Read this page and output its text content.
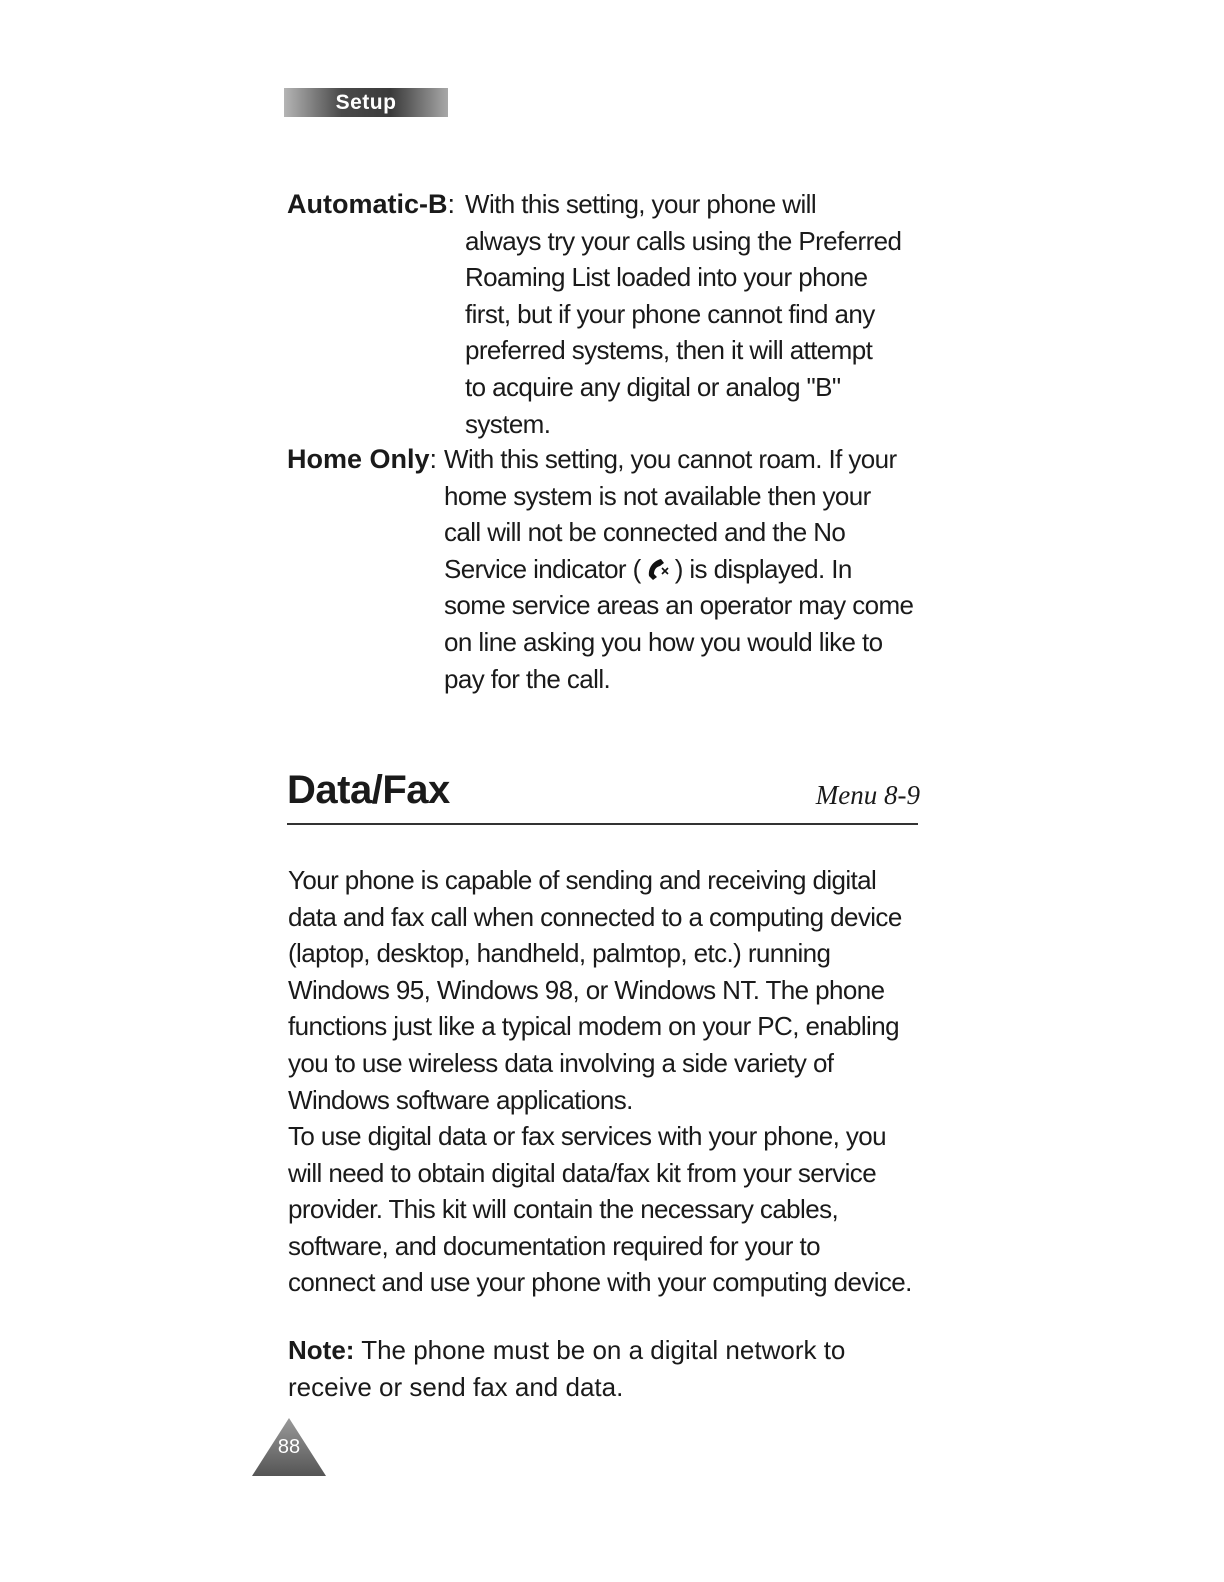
Setup
Automatic-B: With this setting, your phone will
always try your calls using the Preferred
Roaming List loaded into your phone
first, but if your phone cannot find any
preferred systems, then it will attempt
to acquire any digital or analog "B"
system.
Home Only: With this setting, you cannot roam. If your
home system is not available then your
call will not be connected and the No
Service indicator ( ) is displayed. In
some service areas an operator may come
on line asking you how you would like to
pay for the call.
Data/Fax	Menu 8-9
Your phone is capable of sending and receiving digital
data and fax call when connected to a computing device
(laptop, desktop, handheld, palmtop, etc.) running
Windows 95, Windows 98, or Windows NT. The phone
functions just like a typical modem on your PC, enabling
you to use wireless data involving a side variety of
Windows software applications.
To use digital data or fax services with your phone, you
will need to obtain digital data/fax kit from your service
provider. This kit will contain the necessary cables,
software, and documentation required for your to
connect and use your phone with your computing device.
Note: The phone must be on a digital network to
receive or send fax and data.
88
